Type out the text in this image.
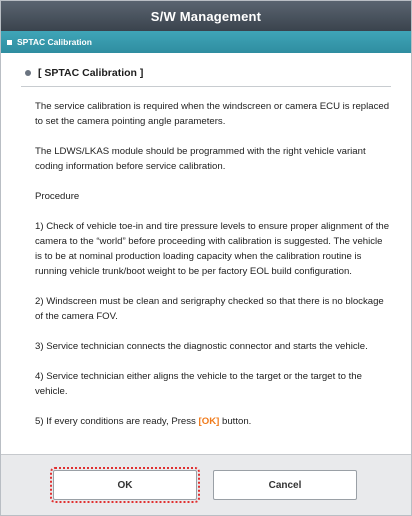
S/W Management
SPTAC Calibration
[ SPTAC Calibration ]

The service calibration is required when the windscreen or camera ECU is replaced to set the camera pointing angle parameters.

The LDWS/LKAS module should be programmed with the right vehicle variant coding information before service calibration.

Procedure

1) Check of vehicle toe-in and tire pressure levels to ensure proper alignment of the camera to the “world” before proceeding with calibration is suggested. The vehicle is to be at nominal production loading capacity when the calibration routine is running vehicle trunk/boot weight to be per factory EOL build configuration.

2) Windscreen must be clean and serigraphy checked so that there is no blockage of the camera FOV.

3) Service technician connects the diagnostic connector and starts the vehicle.

4) Service technician either aligns the vehicle to the target or the target to the vehicle.

5) If every conditions are ready, Press [OK] button.

OK	Cancel
